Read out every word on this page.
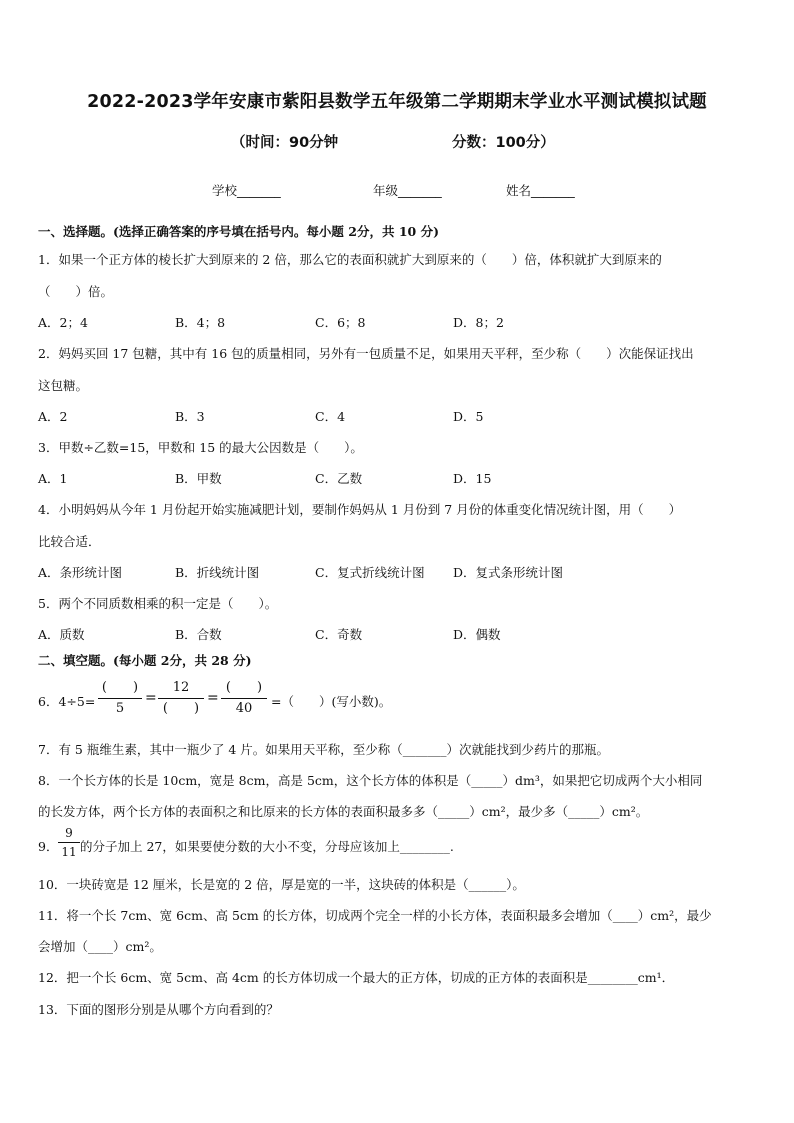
2022-2023学年安康市紫阳县数学五年级第二学期期末学业水平测试模拟试题
（时间：90分钟	分数：100分）
学校_______	年级_______	姓名_______
一、选择题。(选择正确答案的序号填在括号内。每小题 2分，共 10 分)
1．如果一个正方体的棱长扩大到原来的 2 倍，那么它的表面积就扩大到原来的（　　）倍，体积就扩大到原来的
（　　）倍。
A．2；4	B．4；8	C．6；8	D．8；2
2．妈妈买回 17 包糖，其中有 16 包的质量相同，另外有一包质量不足，如果用天平秤，至少称（　　）次能保证找出
这包糖。
A．2	B．3	C．4	D．5
3．甲数÷乙数=15，甲数和 15 的最大公因数是（　　）。
A．1	B．甲数	C．乙数	D．15
4．小明妈妈从今年 1 月份起开始实施减肥计划，要制作妈妈从 1 月份到 7 月份的体重变化情况统计图，用（　　）
比较合适．
A．条形统计图	B．折线统计图	C．复式折线统计图 D．复式条形统计图
5．两个不同质数相乘的积一定是（　　）。
A．质数	B．合数	C．奇数	D．偶数
二、填空题。(每小题 2分，共 28 分)
6．4÷5=
(　　)
5
=
12
(　　)
=
(　　)
40	=（　　）(写小数)。
7．有 5 瓶维生素，其中一瓶少了 4 片。如果用天平称，至少称（_______）次就能找到少药片的那瓶。
8．一个长方体的长是 10cm，宽是 8cm，高是 5cm，这个长方体的体积是（_____）dm³，如果把它切成两个大小相同
的长发方体，两个长方体的表面积之和比原来的长方体的表面积最多多（_____）cm²，最少多（_____）cm²。
9．
9
11 的分子加上 27，如果要使分数的大小不变，分母应该加上________.
10．一块砖宽是 12 厘米，长是宽的 2 倍，厚是宽的一半，这块砖的体积是（______）。
11．将一个长 7cm、宽 6cm、高 5cm 的长方体，切成两个完全一样的小长方体，表面积最多会增加（____）cm²，最少
会增加（____）cm²。
12．把一个长 6cm、宽 5cm、高 4cm 的长方体切成一个最大的正方体，切成的正方体的表面积是________cm¹．
13．下面的图形分别是从哪个方向看到的？
